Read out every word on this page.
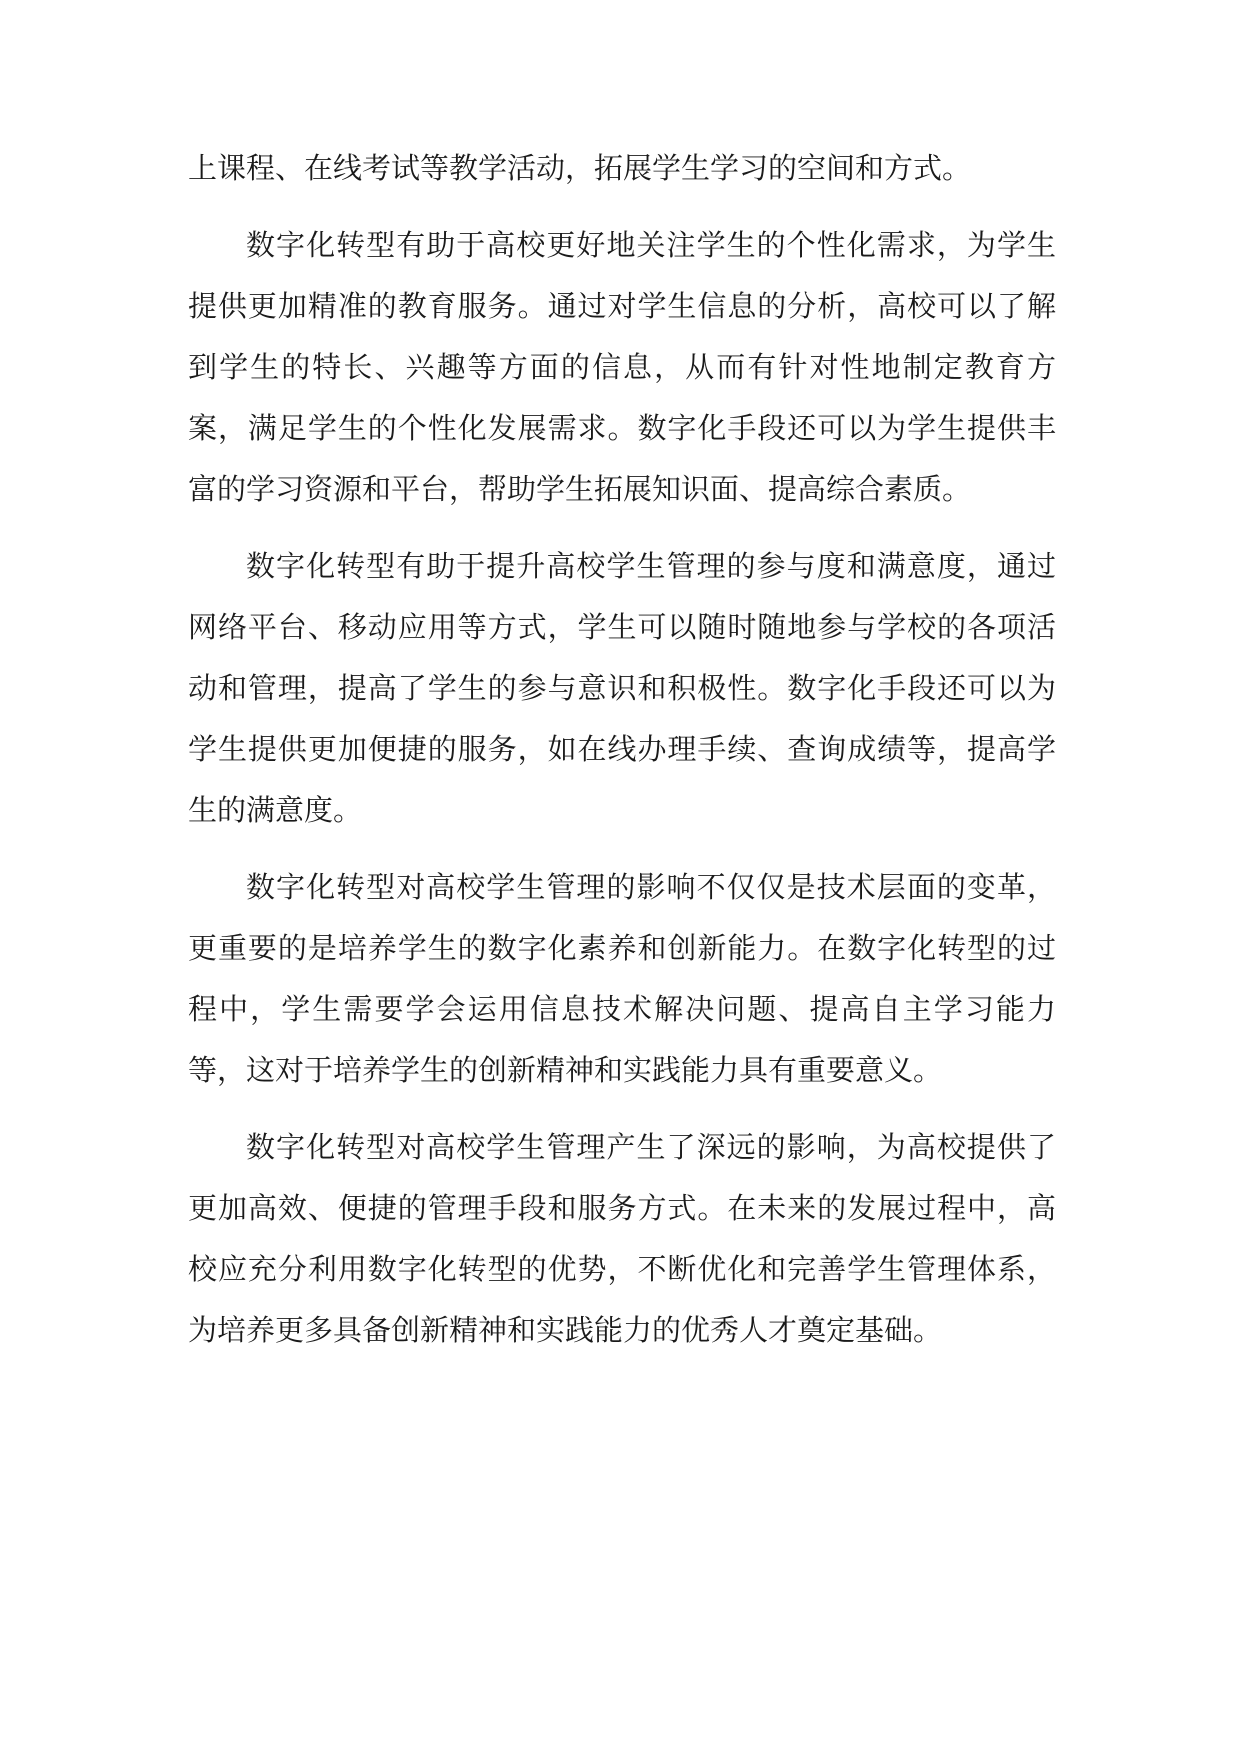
上课程、在线考试等教学活动，拓展学生学习的空间和方式。

数字化转型有助于高校更好地关注学生的个性化需求，为学生提供更加精准的教育服务。通过对学生信息的分析，高校可以了解到学生的特长、兴趣等方面的信息，从而有针对性地制定教育方案，满足学生的个性化发展需求。数字化手段还可以为学生提供丰富的学习资源和平台，帮助学生拓展知识面、提高综合素质。

数字化转型有助于提升高校学生管理的参与度和满意度，通过网络平台、移动应用等方式，学生可以随时随地参与学校的各项活动和管理，提高了学生的参与意识和积极性。数字化手段还可以为学生提供更加便捷的服务，如在线办理手续、查询成绩等，提高学生的满意度。

数字化转型对高校学生管理的影响不仅仅是技术层面的变革，更重要的是培养学生的数字化素养和创新能力。在数字化转型的过程中，学生需要学会运用信息技术解决问题、提高自主学习能力等，这对于培养学生的创新精神和实践能力具有重要意义。

数字化转型对高校学生管理产生了深远的影响，为高校提供了更加高效、便捷的管理手段和服务方式。在未来的发展过程中，高校应充分利用数字化转型的优势，不断优化和完善学生管理体系，为培养更多具备创新精神和实践能力的优秀人才奠定基础。
